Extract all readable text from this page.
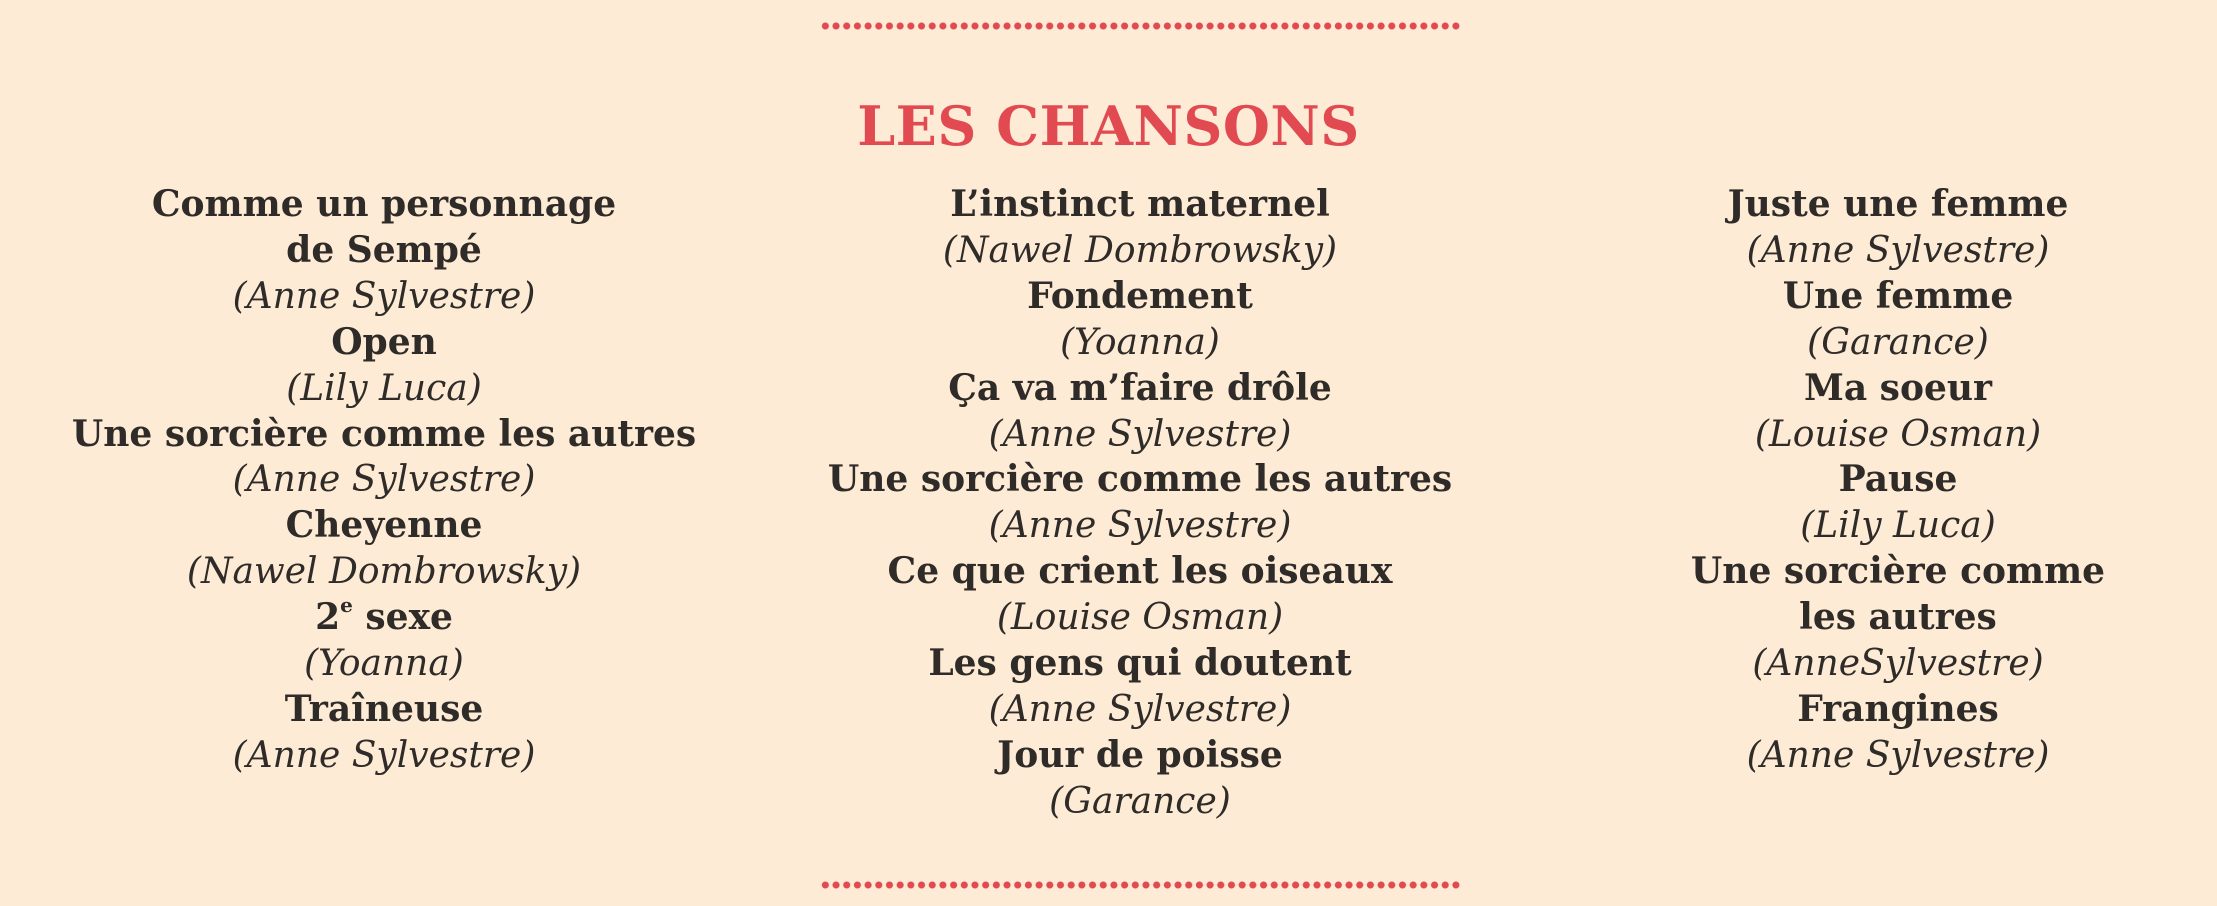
LES CHANSONS
Comme un personnage
de Sempé
(Anne Sylvestre)
Open
(Lily Luca)
Une sorcière comme les autres
(Anne Sylvestre)
Cheyenne
(Nawel Dombrowsky)
2e sexe
(Yoanna)
Traîneuse
(Anne Sylvestre)
L’instinct maternel
(Nawel Dombrowsky)
Fondement
(Yoanna)
Ça va m’faire drôle
(Anne Sylvestre)
Une sorcière comme les autres
(Anne Sylvestre)
Ce que crient les oiseaux
(Louise Osman)
Les gens qui doutent
(Anne Sylvestre)
Jour de poisse
(Garance)
Juste une femme
(Anne Sylvestre)
Une femme
(Garance)
Ma soeur
(Louise Osman)
Pause
(Lily Luca)
Une sorcière comme
les autres
(AnneSylvestre)
Frangines
(Anne Sylvestre)
